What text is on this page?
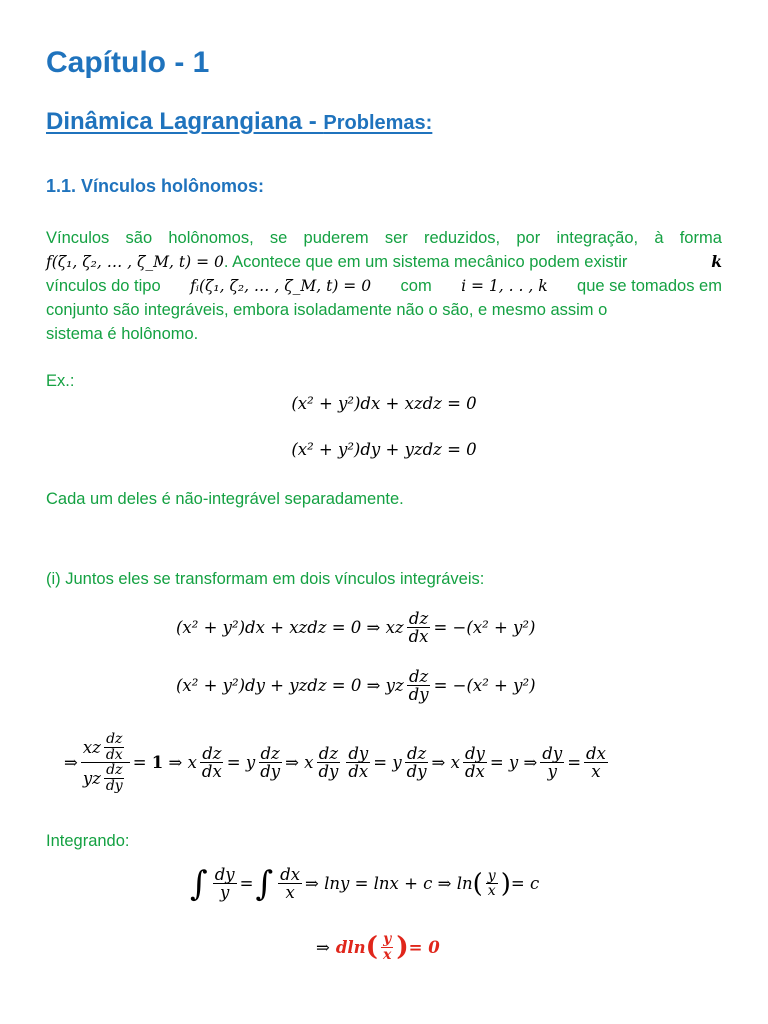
Capítulo - 1
Dinâmica Lagrangiana - Problemas:
1.1. Vínculos holônomos:
Vínculos são holônomos, se puderem ser reduzidos, por integração, à forma
f(ζ₁, ζ₂, … , ζ_M, t) = 0. Acontece que em um sistema mecânico podem existir	k
vínculos do tipo fᵢ(ζ₁, ζ₂, … , ζ_M, t) = 0 com i = 1, . . , k que se tomados em
conjunto são integráveis, embora isoladamente não o são, e mesmo assim o
sistema é holônomo.
Ex.:
(x² + y²)dx + xzdz = 0
(x² + y²)dy + yzdz = 0
Cada um deles é não-integrável separadamente.
(i) Juntos eles se transformam em dois vínculos integráveis:
(x² + y²)dx + xzdz = 0 ⇒ xz $\frac{dz}{dx} = -(x^2 + y^2)$
(x² + y²)dy + yzdz = 0 ⇒ yz $\frac{dz}{dy} = -(x^2 + y^2)$
⇒ $\frac{xz \frac{dz}{dx}}{yz \frac{dz}{dy}} = 1$ ⇒ x $\frac{dz}{dx} = y \frac{dz}{dy}$ ⇒ x $\frac{dz}{dy} \frac{dy}{dx} = y \frac{dz}{dy}$ ⇒ x $\frac{dy}{dx} = y$ ⇒ $\frac{dy}{y} = \frac{dx}{x}$
Integrando:
∫ $\frac{dy}{y}$ = ∫ $\frac{dx}{x}$ ⇒ lny = lnx + c ⇒ ln ( $\frac{y}{x}$ ) = c
⇒ dln ( $\frac{y}{x}$ ) = 0
